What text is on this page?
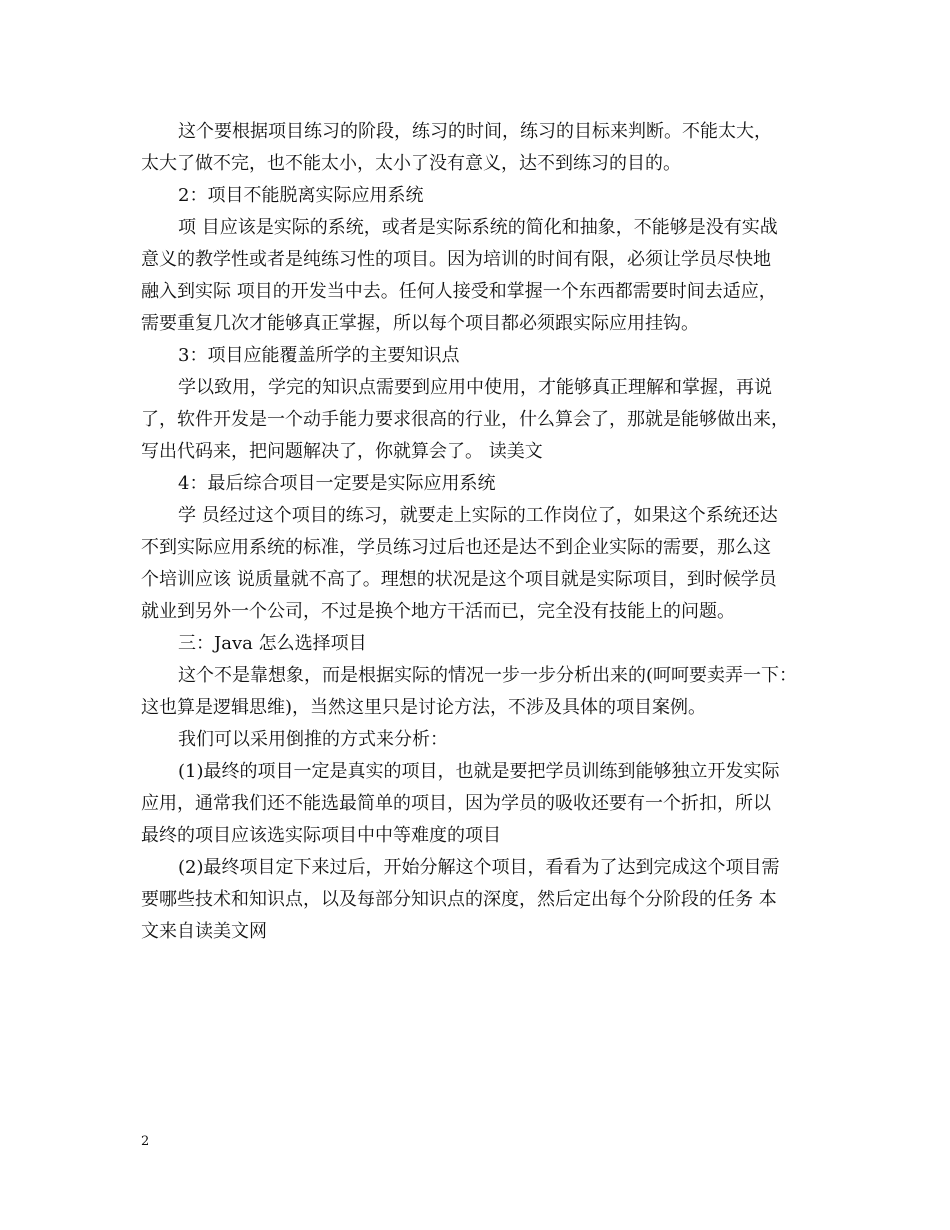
这个要根据项目练习的阶段，练习的时间，练习的目标来判断。不能太大，
太大了做不完，也不能太小，太小了没有意义，达不到练习的目的。
2：项目不能脱离实际应用系统
项 目应该是实际的系统，或者是实际系统的简化和抽象，不能够是没有实战
意义的教学性或者是纯练习性的项目。因为培训的时间有限，必须让学员尽快地
融入到实际 项目的开发当中去。任何人接受和掌握一个东西都需要时间去适应，
需要重复几次才能够真正掌握，所以每个项目都必须跟实际应用挂钩。
3：项目应能覆盖所学的主要知识点
学以致用，学完的知识点需要到应用中使用，才能够真正理解和掌握，再说
了，软件开发是一个动手能力要求很高的行业，什么算会了，那就是能够做出来，
写出代码来，把问题解决了，你就算会了。 读美文
4：最后综合项目一定要是实际应用系统
学 员经过这个项目的练习，就要走上实际的工作岗位了，如果这个系统还达
不到实际应用系统的标准，学员练习过后也还是达不到企业实际的需要，那么这
个培训应该 说质量就不高了。理想的状况是这个项目就是实际项目，到时候学员
就业到另外一个公司，不过是换个地方干活而已，完全没有技能上的问题。
三：Java 怎么选择项目
这个不是靠想象，而是根据实际的情况一步一步分析出来的(呵呵要卖弄一下：
这也算是逻辑思维)，当然这里只是讨论方法，不涉及具体的项目案例。
我们可以采用倒推的方式来分析：
(1)最终的项目一定是真实的项目，也就是要把学员训练到能够独立开发实际
应用，通常我们还不能选最简单的项目，因为学员的吸收还要有一个折扣，所以
最终的项目应该选实际项目中中等难度的项目
(2)最终项目定下来过后，开始分解这个项目，看看为了达到完成这个项目需
要哪些技术和知识点，以及每部分知识点的深度，然后定出每个分阶段的任务 本
文来自读美文网
2
